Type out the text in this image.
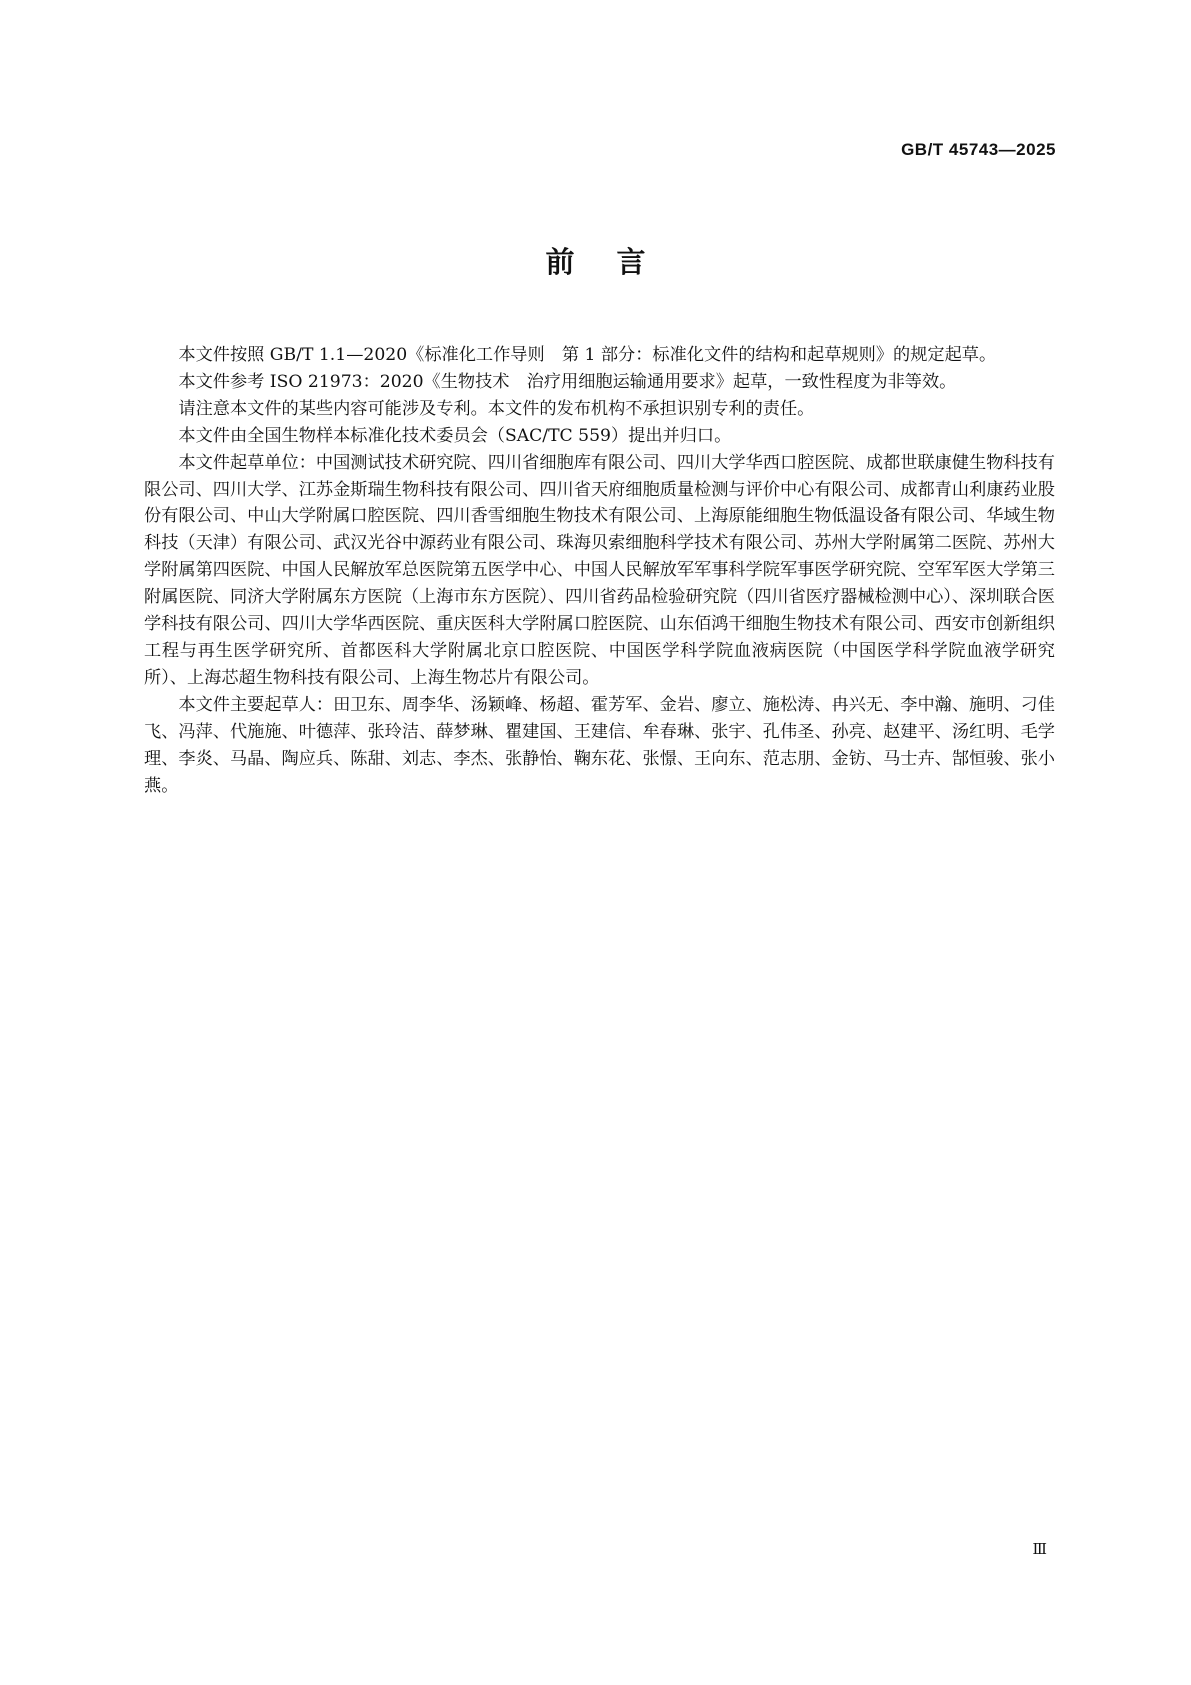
GB/T 45743—2025
前言

本文件按照 GB/T 1.1—2020《标准化工作导则　第 1 部分：标准化文件的结构和起草规则》的规定起草。

本文件参考 ISO 21973：2020《生物技术　治疗用细胞运输通用要求》起草，一致性程度为非等效。

请注意本文件的某些内容可能涉及专利。本文件的发布机构不承担识别专利的责任。

本文件由全国生物样本标准化技术委员会（SAC/TC 559）提出并归口。

本文件起草单位：中国测试技术研究院、四川省细胞库有限公司、四川大学华西口腔医院、成都世联康健生物科技有限公司、四川大学、江苏金斯瑞生物科技有限公司、四川省天府细胞质量检测与评价中心有限公司、成都青山利康药业股份有限公司、中山大学附属口腔医院、四川香雪细胞生物技术有限公司、上海原能细胞生物低温设备有限公司、华域生物科技（天津）有限公司、武汉光谷中源药业有限公司、珠海贝索细胞科学技术有限公司、苏州大学附属第二医院、苏州大学附属第四医院、中国人民解放军总医院第五医学中心、中国人民解放军军事科学院军事医学研究院、空军军医大学第三附属医院、同济大学附属东方医院（上海市东方医院）、四川省药品检验研究院（四川省医疗器械检测中心）、深圳联合医学科技有限公司、四川大学华西医院、重庆医科大学附属口腔医院、山东佰鸿干细胞生物技术有限公司、西安市创新组织工程与再生医学研究所、首都医科大学附属北京口腔医院、中国医学科学院血液病医院（中国医学科学院血液学研究所）、上海芯超生物科技有限公司、上海生物芯片有限公司。

本文件主要起草人：田卫东、周李华、汤颖峰、杨超、霍芳军、金岩、廖立、施松涛、冉兴无、李中瀚、施明、刁佳飞、冯萍、代施施、叶德萍、张玲洁、薛梦琳、瞿建国、王建信、牟春琳、张宇、孔伟圣、孙亮、赵建平、汤红明、毛学理、李炎、马晶、陶应兵、陈甜、刘志、李杰、张静怡、鞠东花、张憬、王向东、范志朋、金钫、马士卉、郜恒骏、张小燕。

Ⅲ
